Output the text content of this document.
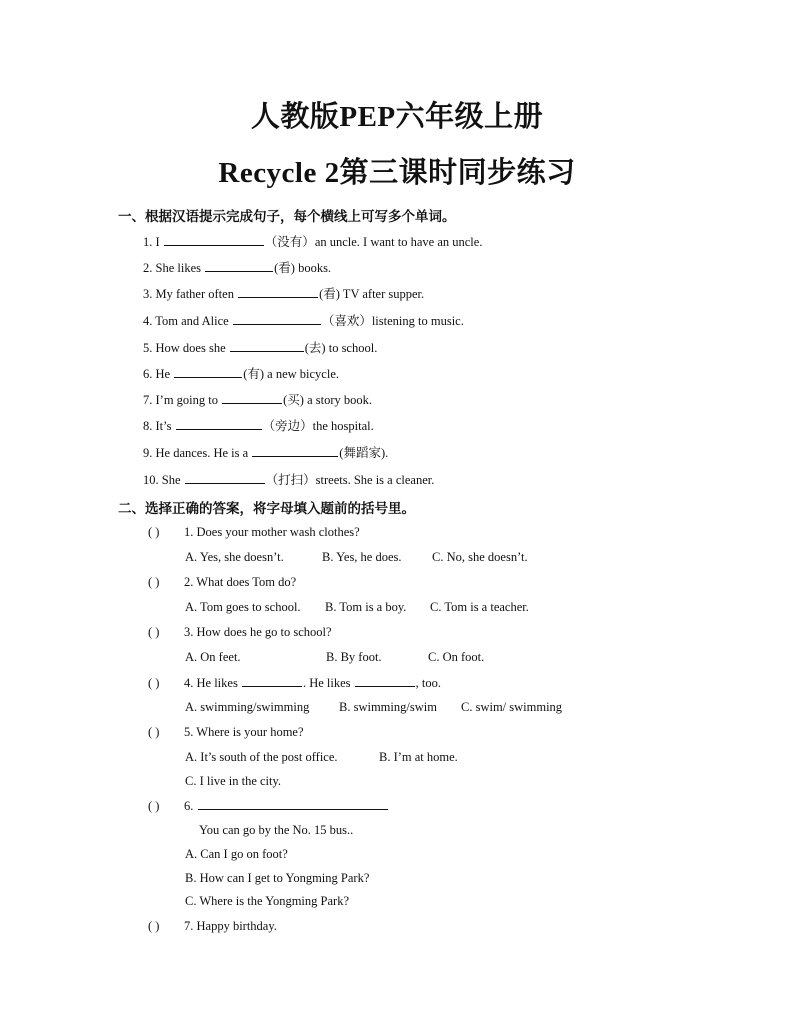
人教版PEP六年级上册
Recycle 2第三课时同步练习
一、根据汉语提示完成句子，每个横线上可写多个单词。
1. I	（没有）an uncle. I want to have an uncle.
2. She likes	(看) books.
3. My father often	(看) TV after supper.
4. Tom and Alice	（喜欢）listening to music.
5. How does she	(去) to school.
6. He	(有) a new bicycle.
7. I’m going to	(买) a story book.
8. It’s	（旁边）the hospital.
9. He dances. He is a	(舞蹈家).
10. She	（打扫）streets. She is a cleaner.
二、选择正确的答案，将字母填入题前的括号里。
( ) 1. Does your mother wash clothes?
A. Yes, she doesn’t.	B. Yes, he does. C. No, she doesn’t.
( ) 2. What does Tom do?
A. Tom goes to school. B. Tom is a boy. C. Tom is a teacher.
( ) 3. How does he go to school?
A. On feet.	B. By foot.	C. On foot.
( ) 4. He likes	. He likes	, too.
A. swimming/swimming B. swimming/swim C. swim/ swimming
( ) 5. Where is your home?
A. It’s south of the post office.	B. I’m at home.
C. I live in the city.
( ) 6.
You can go by the No. 15 bus..
A. Can I go on foot?
B. How can I get to Yongming Park?
C. Where is the Yongming Park?
( ) 7. Happy birthday.
